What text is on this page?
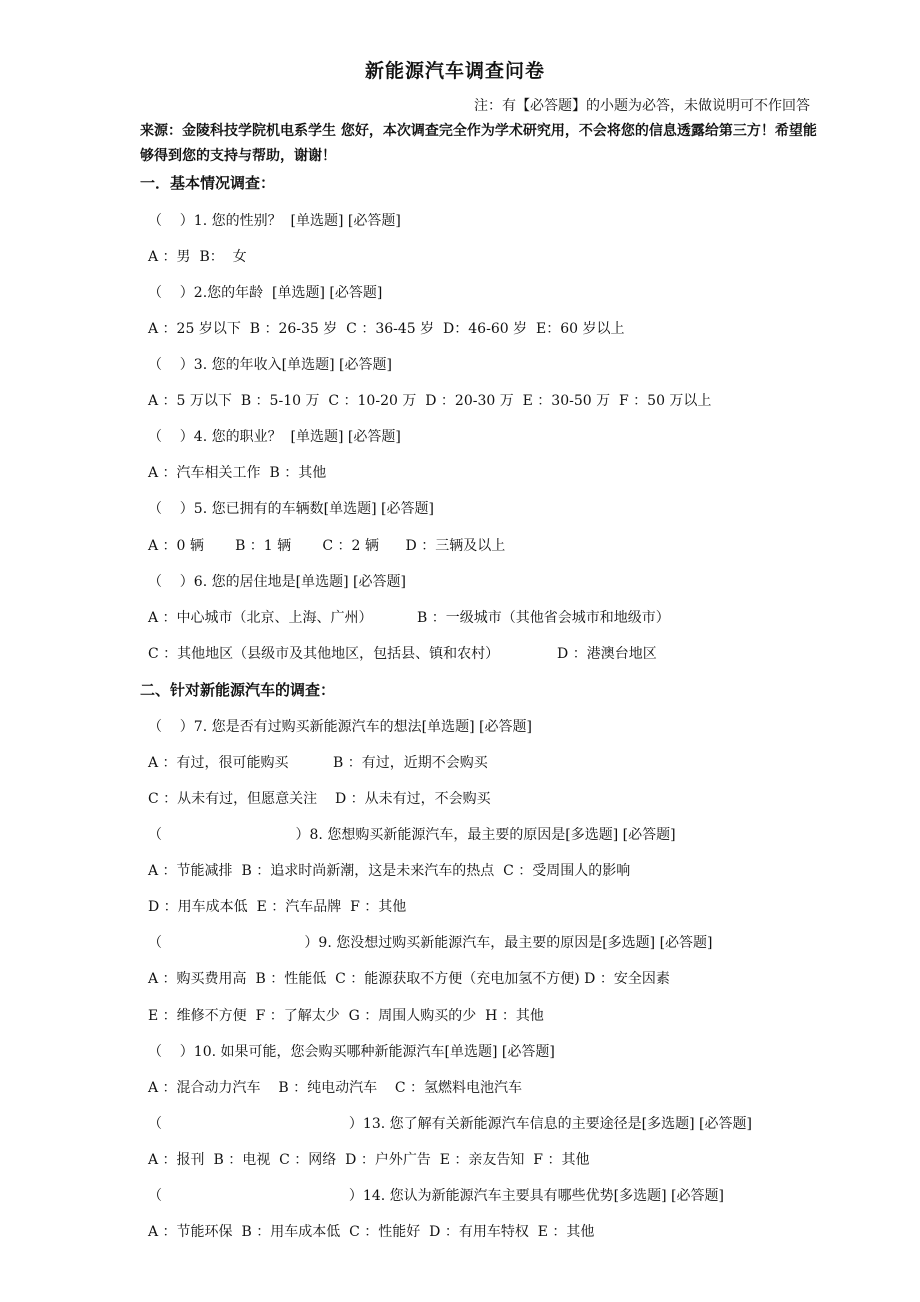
新能源汽车调查问卷
注：有【必答题】的小题为必答，未做说明可不作回答
来源：金陵科技学院机电系学生 您好，本次调查完全作为学术研究用，不会将您的信息透露给第三方！希望能够得到您的支持与帮助，谢谢！
一．基本情况调查：
（    ）1. 您的性别？  [单选题] [必答题]
A ：男  B：  女
（    ）2.您的年龄  [单选题] [必答题]
A ：25 岁以下  B ：26-35 岁  C ：36-45 岁  D：46-60 岁  E：60 岁以上
（    ）3. 您的年收入[单选题] [必答题]
A ：5 万以下  B ：5-10 万  C ：10-20 万  D ：20-30 万  E ：30-50 万  F ：50 万以上
（    ）4. 您的职业？  [单选题] [必答题]
A ：汽车相关工作  B ：其他
（    ）5. 您已拥有的车辆数[单选题] [必答题]
A ：0 辆       B ：1 辆       C ：2 辆      D ：三辆及以上
（    ）6. 您的居住地是[单选题] [必答题]
A ：中心城市（北京、上海、广州）          B ：一级城市（其他省会城市和地级市）
C ：其他地区（县级市及其他地区，包括县、镇和农村）             D ：港澳台地区
二、针对新能源汽车的调查：
（    ）7. 您是否有过购买新能源汽车的想法[单选题] [必答题]
A ：有过，很可能购买          B ：有过，近期不会购买
C ：从未有过，但愿意关注    D ：从未有过，不会购买
（                              ）8. 您想购买新能源汽车，最主要的原因是[多选题] [必答题]
A ：节能减排  B ：追求时尚新潮，这是未来汽车的热点  C ：受周围人的影响
D ：用车成本低  E ：汽车品牌  F ：其他
（                                ）9. 您没想过购买新能源汽车，最主要的原因是[多选题] [必答题]
A ：购买费用高  B ：性能低  C ：能源获取不方便（充电加氢不方便) D ：安全因素
E ：维修不方便  F ：了解太少  G ：周围人购买的少  H ：其他
（    ）10. 如果可能，您会购买哪种新能源汽车[单选题] [必答题]
A ：混合动力汽车    B ：纯电动汽车    C ：氢燃料电池汽车
（                                          ）13. 您了解有关新能源汽车信息的主要途径是[多选题] [必答题]
A ：报刊  B ：电视  C ：网络  D ：户外广告  E ：亲友告知  F ：其他
（                                          ）14. 您认为新能源汽车主要具有哪些优势[多选题] [必答题]
A ：节能环保  B ：用车成本低  C ：性能好  D ：有用车特权  E ：其他
